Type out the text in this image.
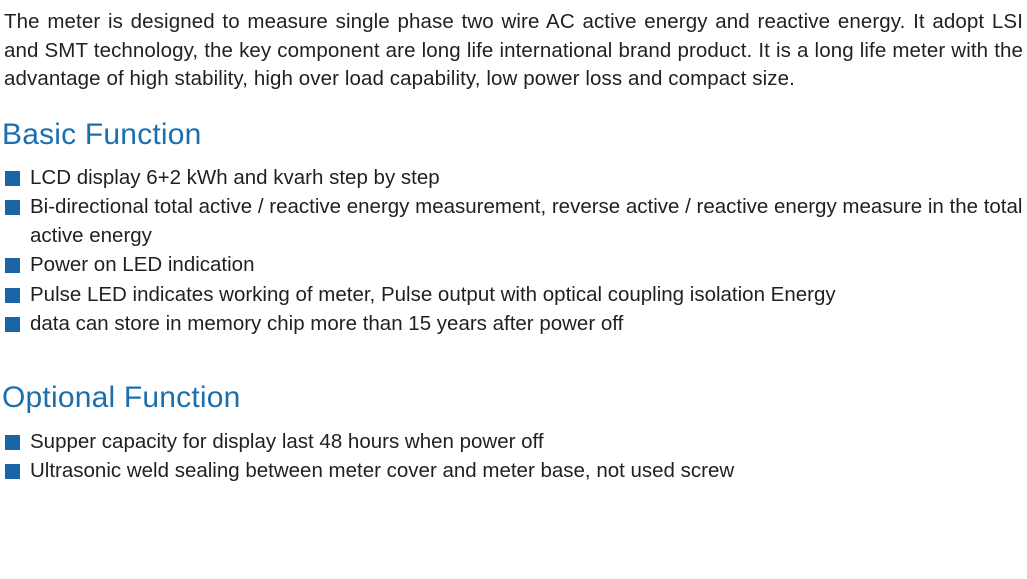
The meter is designed to measure single phase two wire AC active energy and reactive energy. It adopt LSI and SMT technology, the key component are long life international brand product. It is a long life meter with the advantage of high stability, high over load capability, low power loss and compact size.

Basic Function
LCD display 6+2 kWh and kvarh step by step
Bi-directional total active / reactive energy measurement, reverse active / reactive energy measure in the total active energy
Power on LED indication
Pulse LED indicates working of meter, Pulse output with optical coupling isolation Energy
data can store in memory chip more than 15 years after power off
Optional Function
Supper capacity for display last 48 hours when power off
Ultrasonic weld sealing between meter cover and meter base, not used screw
